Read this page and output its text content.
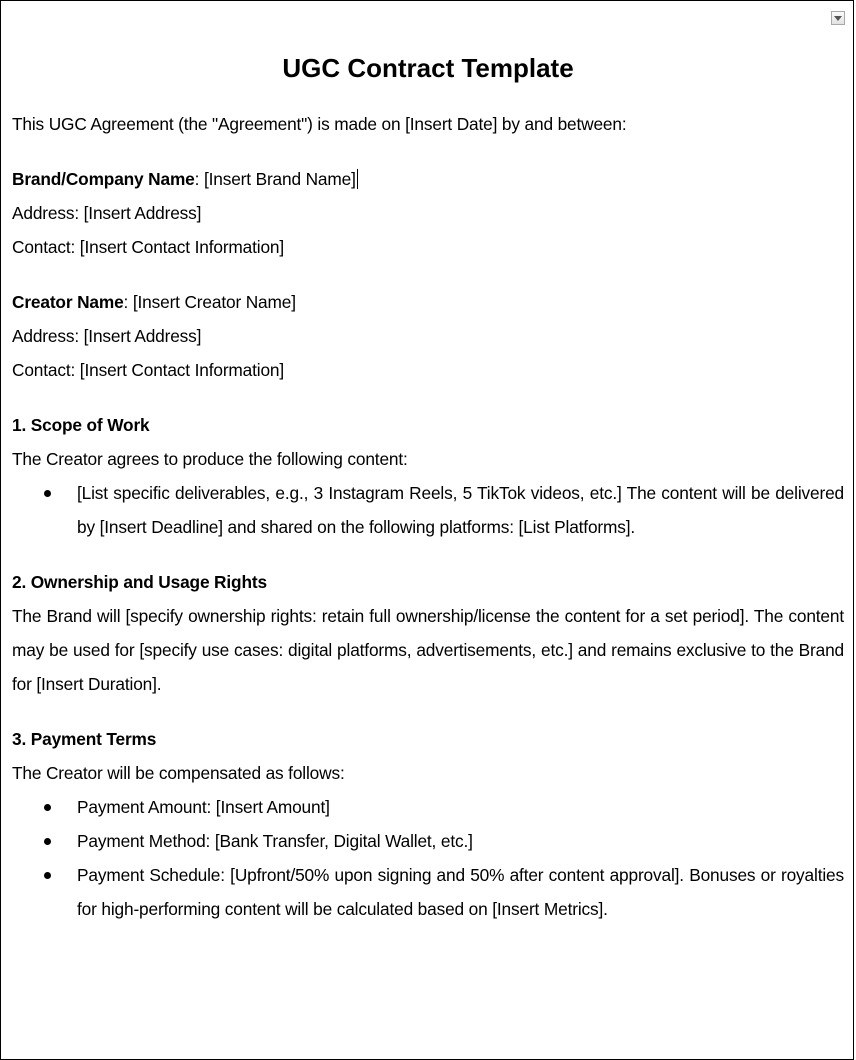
UGC Contract Template

This UGC Agreement (the "Agreement") is made on [Insert Date] by and between:

Brand/Company Name: [Insert Brand Name]

Address: [Insert Address]

Contact: [Insert Contact Information]

Creator Name: [Insert Creator Name]

Address: [Insert Address]

Contact: [Insert Contact Information]

1. Scope of Work

The Creator agrees to produce the following content:

[List specific deliverables, e.g., 3 Instagram Reels, 5 TikTok videos, etc.] The content will be delivered by [Insert Deadline] and shared on the following platforms: [List Platforms].

2. Ownership and Usage Rights

The Brand will [specify ownership rights: retain full ownership/license the content for a set period]. The content may be used for [specify use cases: digital platforms, advertisements, etc.] and remains exclusive to the Brand for [Insert Duration].

3. Payment Terms

The Creator will be compensated as follows:

Payment Amount: [Insert Amount]
Payment Method: [Bank Transfer, Digital Wallet, etc.]
Payment Schedule: [Upfront/50% upon signing and 50% after content approval]. Bonuses or royalties for high-performing content will be calculated based on [Insert Metrics].
